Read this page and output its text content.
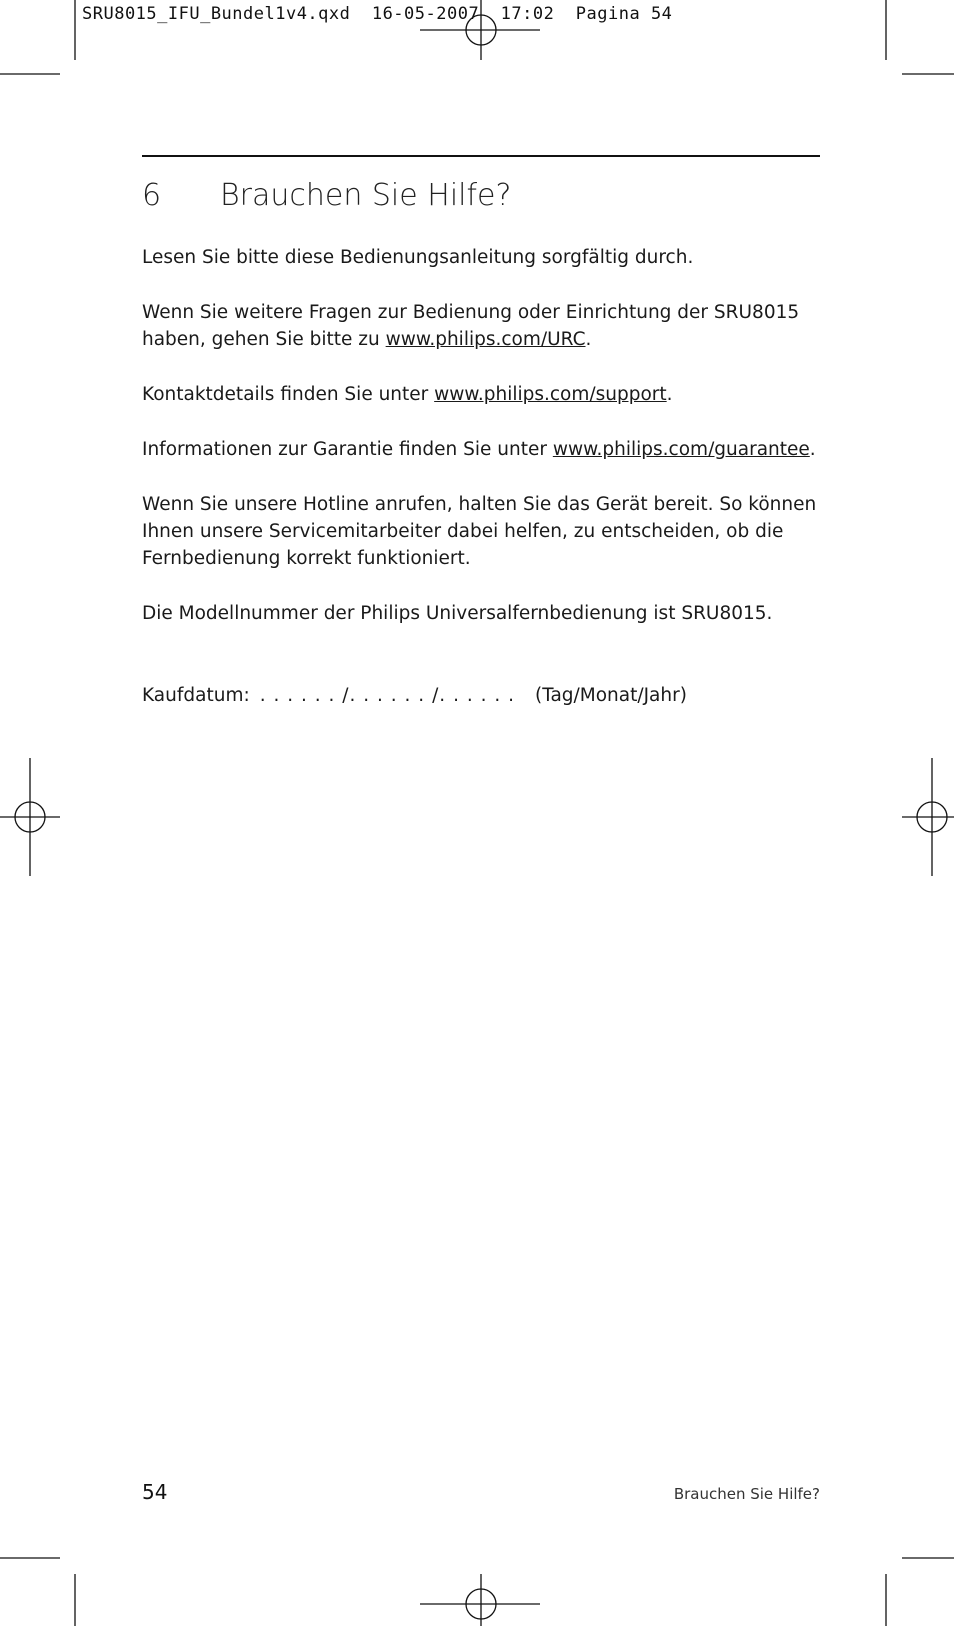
SRU8015_IFU_Bundel1v4.qxd  16-05-2007  17:02  Pagina 54
6 Brauchen Sie Hilfe?

Lesen Sie bitte diese Bedienungsanleitung sorgfältig durch.

Wenn Sie weitere Fragen zur Bedienung oder Einrichtung der SRU8015 haben, gehen Sie bitte zu www.philips.com/URC.

Kontaktdetails finden Sie unter www.philips.com/support.

Informationen zur Garantie finden Sie unter www.philips.com/guarantee.

Wenn Sie unsere Hotline anrufen, halten Sie das Gerät bereit. So können Ihnen unsere Servicemitarbeiter dabei helfen, zu entscheiden, ob die Fernbedienung korrekt funktioniert.

Die Modellnummer der Philips Universalfernbedienung ist SRU8015.

Kaufdatum: . . . . . . /. . . . . . /. . . . . . (Tag/Monat/Jahr)
54	Brauchen Sie Hilfe?
